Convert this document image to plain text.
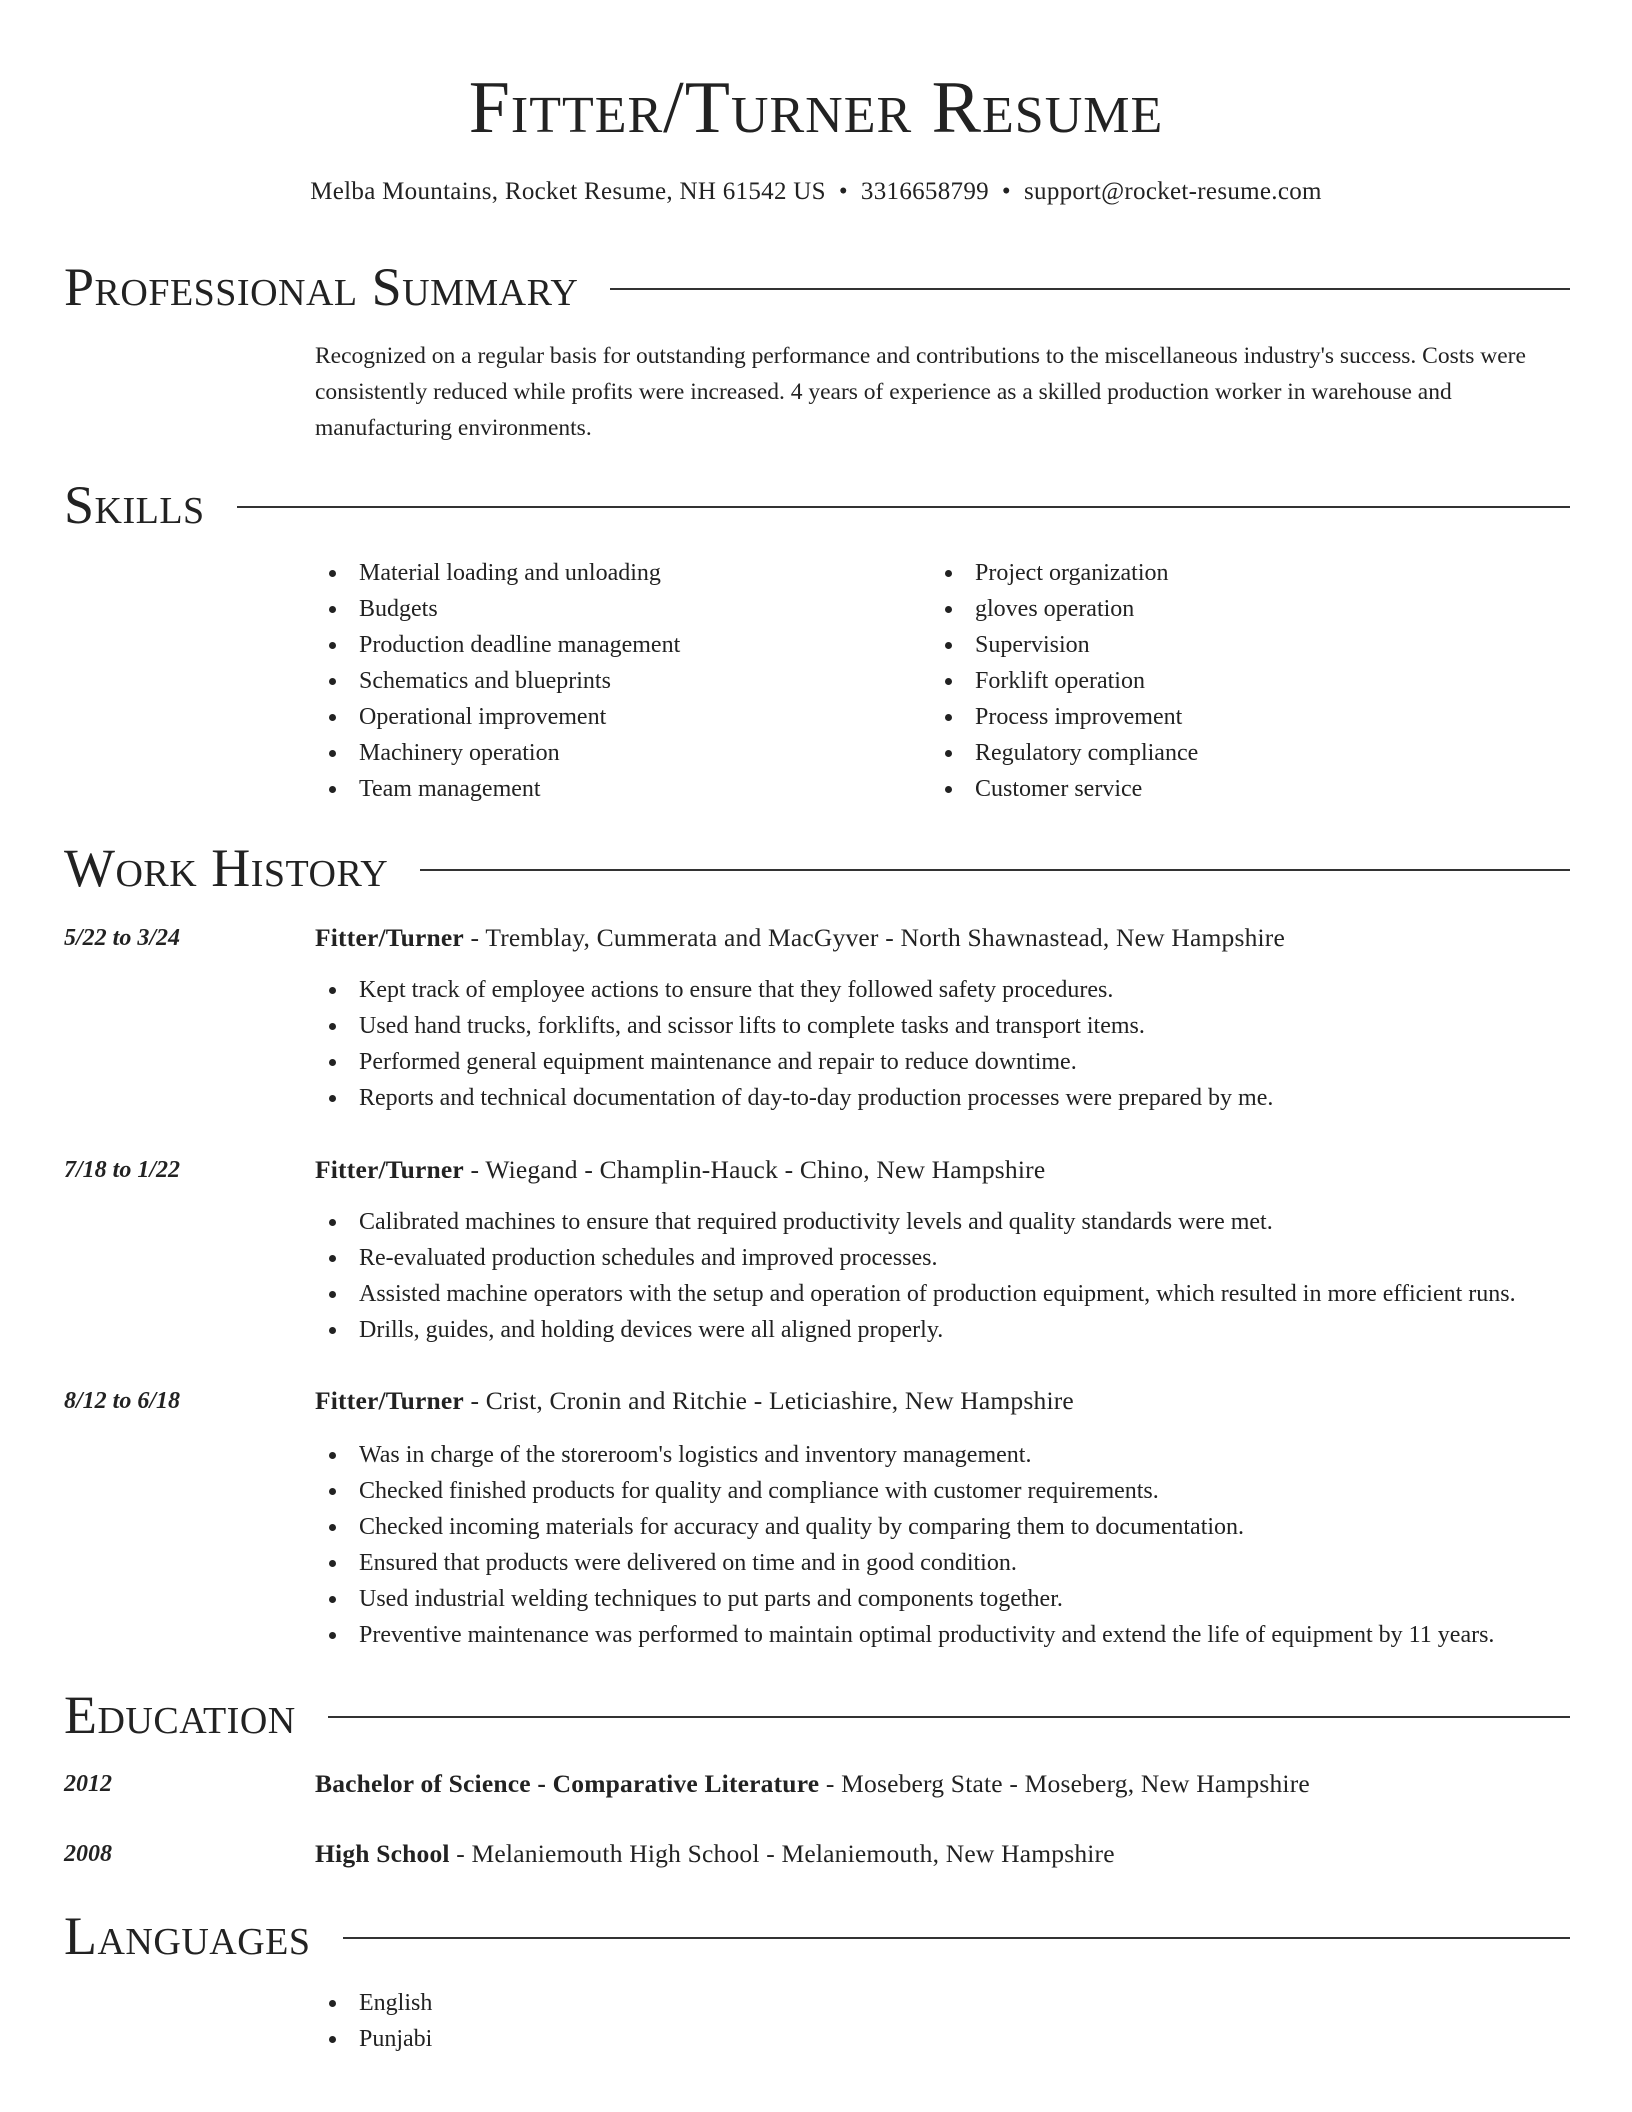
Fitter/Turner Resume
Melba Mountains, Rocket Resume, NH 61542 US • 3316658799 • support@rocket-resume.com
Professional Summary

Recognized on a regular basis for outstanding performance and contributions to the miscellaneous industry's success. Costs were consistently reduced while profits were increased. 4 years of experience as a skilled production worker in warehouse and manufacturing environments.

Skills
Material loading and unloading
Budgets
Production deadline management
Schematics and blueprints
Operational improvement
Machinery operation
Team management
Project organization
gloves operation
Supervision
Forklift operation
Process improvement
Regulatory compliance
Customer service
Work History
5/22 to 3/24	Fitter/Turner - Tremblay, Cummerata and MacGyver - North Shawnastead, New Hampshire
Kept track of employee actions to ensure that they followed safety procedures.
Used hand trucks, forklifts, and scissor lifts to complete tasks and transport items.
Performed general equipment maintenance and repair to reduce downtime.
Reports and technical documentation of day-to-day production processes were prepared by me.
7/18 to 1/22	Fitter/Turner - Wiegand - Champlin-Hauck - Chino, New Hampshire
Calibrated machines to ensure that required productivity levels and quality standards were met.
Re-evaluated production schedules and improved processes.
Assisted machine operators with the setup and operation of production equipment, which resulted in more efficient runs.
Drills, guides, and holding devices were all aligned properly.
8/12 to 6/18	Fitter/Turner - Crist, Cronin and Ritchie - Leticiashire, New Hampshire
Was in charge of the storeroom's logistics and inventory management.
Checked finished products for quality and compliance with customer requirements.
Checked incoming materials for accuracy and quality by comparing them to documentation.
Ensured that products were delivered on time and in good condition.
Used industrial welding techniques to put parts and components together.
Preventive maintenance was performed to maintain optimal productivity and extend the life of equipment by 11 years.
Education
2012	Bachelor of Science - Comparative Literature - Moseberg State - Moseberg, New Hampshire
2008	High School - Melaniemouth High School - Melaniemouth, New Hampshire
Languages
English
Punjabi
